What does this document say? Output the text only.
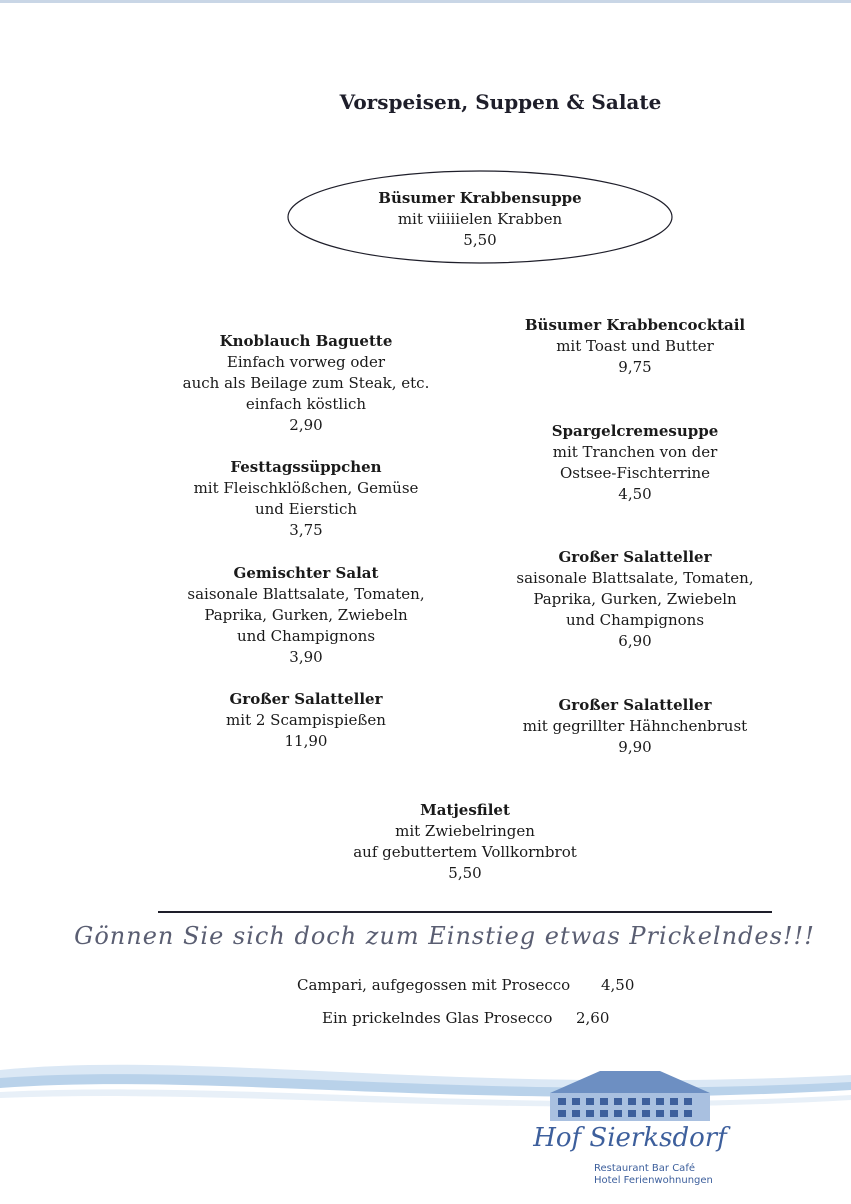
Vorspeisen, Suppen & Salate
Büsumer Krabbensuppe
mit viiiiielen Krabben
5,50
Knoblauch Baguette
Einfach vorweg oder
auch als Beilage zum Steak, etc.
einfach köstlich
2,90
Festtagssüppchen
mit Fleischklößchen, Gemüse
und Eierstich
3,75
Gemischter Salat
saisonale Blattsalate, Tomaten,
Paprika, Gurken, Zwiebeln
und Champignons
3,90
Großer Salatteller
mit 2 Scampispießen
11,90
Büsumer Krabbencocktail
mit Toast und Butter
9,75
Spargelcremesuppe
mit Tranchen von der
Ostsee-Fischterrine
4,50
Großer Salatteller
saisonale Blattsalate, Tomaten,
Paprika, Gurken, Zwiebeln
und Champignons
6,90
Großer Salatteller
mit gegrillter Hähnchenbrust
9,90
Matjesfilet
mit Zwiebelringen
auf gebuttertem Vollkornbrot
5,50
Gönnen Sie sich doch zum Einstieg etwas Prickelndes!!!
Campari, aufgegossen mit Prosecco 4,50
Ein prickelndes Glas Prosecco 2,60
Hof Sierksdorf
Restaurant Bar Café
Hotel Ferienwohnungen
